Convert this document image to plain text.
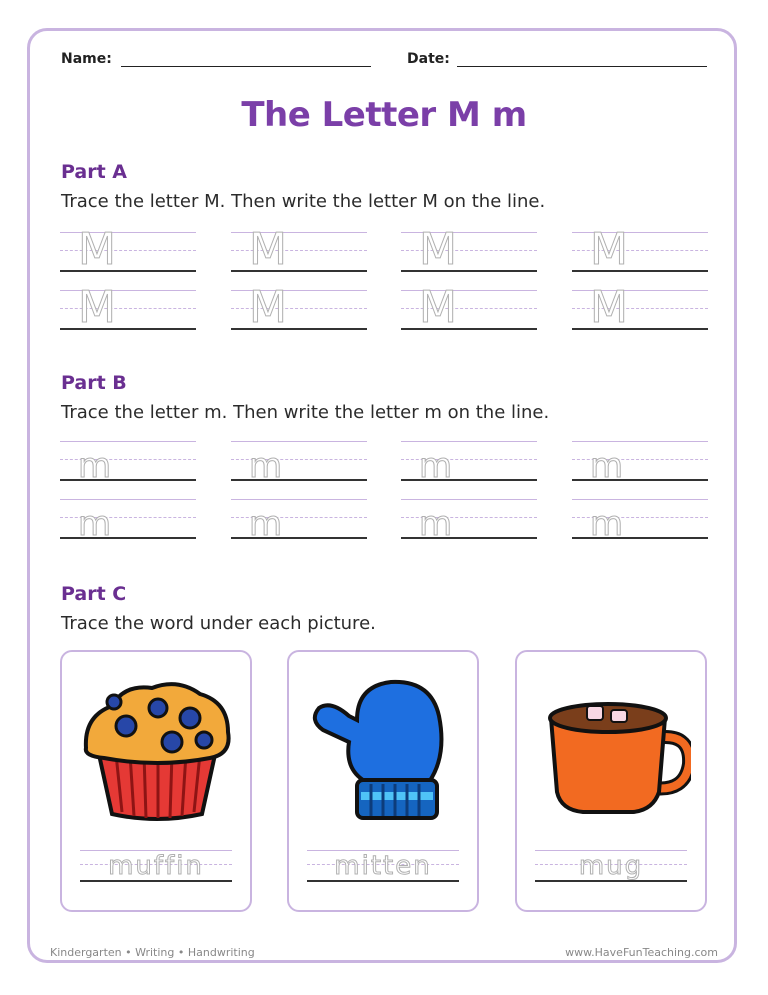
Name:	Date:
The Letter M m
Part A
Trace the letter M. Then write the letter M on the line.
M	M	M	M
M	M	M	M
Part B
Trace the letter m. Then write the letter m on the line.
m	m	m	m
m	m	m	m
Part C
Trace the word under each picture.
muffin	mitten	mug
Kindergarten • Writing • Handwriting	www.HaveFunTeaching.com
